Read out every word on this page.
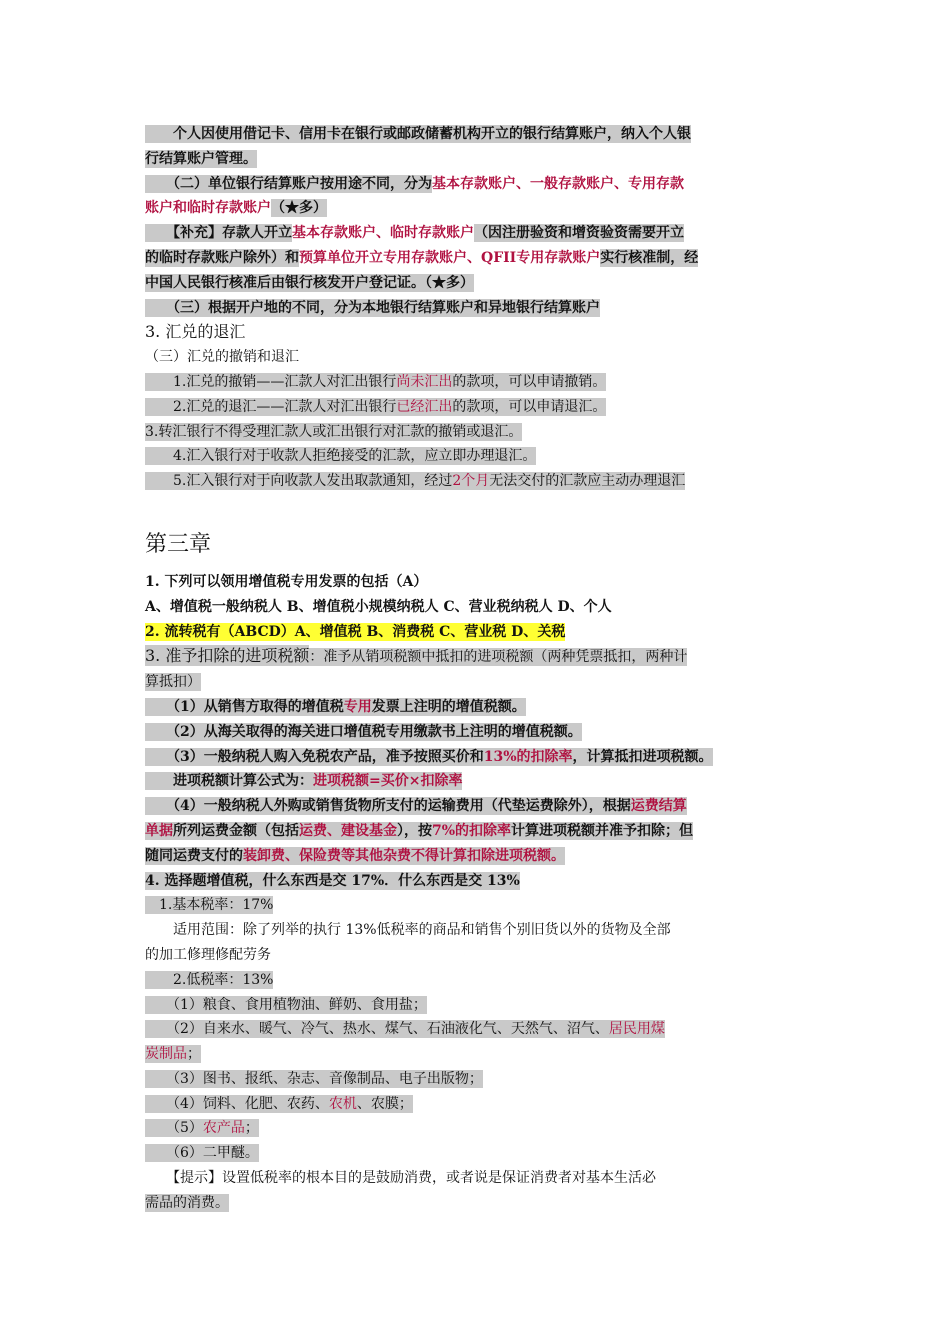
　　个人因使用借记卡、信用卡在银行或邮政储蓄机构开立的银行结算账户，纳入个人银
行结算账户管理。

　　（二）单位银行结算账户按用途不同，分为基本存款账户、一般存款账户、专用存款
账户和临时存款账户（★多）

　　【补充】存款人开立基本存款账户、临时存款账户（因注册验资和增资验资需要开立
的临时存款账户除外）和预算单位开立专用存款账户、QFII专用存款账户实行核准制，经
中国人民银行核准后由银行核发开户登记证。（★多）

　　（三）根据开户地的不同，分为本地银行结算账户和异地银行结算账户

3. 汇兑的退汇

（三）汇兑的撤销和退汇

　　1.汇兑的撤销——汇款人对汇出银行尚未汇出的款项，可以申请撤销。

　　2.汇兑的退汇——汇款人对汇出银行已经汇出的款项，可以申请退汇。

3.转汇银行不得受理汇款人或汇出银行对汇款的撤销或退汇。

　　4.汇入银行对于收款人拒绝接受的汇款，应立即办理退汇。

　　5.汇入银行对于向收款人发出取款通知，经过2个月无法交付的汇款应主动办理退汇

第三章

1. 下列可以领用增值税专用发票的包括（A）

A、增值税一般纳税人 B、增值税小规模纳税人 C、营业税纳税人 D、个人

2. 流转税有（ABCD）A、增值税 B、消费税 C、营业税 D、关税

3. 准予扣除的进项税额：准予从销项税额中抵扣的进项税额（两种凭票抵扣，两种计
算抵扣）

　　（1）从销售方取得的增值税专用发票上注明的增值税额。

　　（2）从海关取得的海关进口增值税专用缴款书上注明的增值税额。

　　（3）一般纳税人购入免税农产品，准予按照买价和13%的扣除率，计算抵扣进项税额。

　　进项税额计算公式为：进项税额=买价×扣除率

　　（4）一般纳税人外购或销售货物所支付的运输费用（代垫运费除外），根据运费结算
单据所列运费金额（包括运费、建设基金），按7%的扣除率计算进项税额并准予扣除；但
随同运费支付的装卸费、保险费等其他杂费不得计算扣除进项税额。

4. 选择题增值税，什么东西是交 17%．什么东西是交 13%

　1.基本税率：17%

　　适用范围：除了列举的执行 13%低税率的商品和销售个别旧货以外的货物及全部
的加工修理修配劳务

　　2.低税率：13%

　　（1）粮食、食用植物油、鲜奶、食用盐；

　　（2）自来水、暖气、冷气、热水、煤气、石油液化气、天然气、沼气、居民用煤
炭制品；

　　（3）图书、报纸、杂志、音像制品、电子出版物；

　　（4）饲料、化肥、农药、农机、农膜；

　　（5）农产品；

　　（6）二甲醚。

　　【提示】设置低税率的根本目的是鼓励消费，或者说是保证消费者对基本生活必
需品的消费。
